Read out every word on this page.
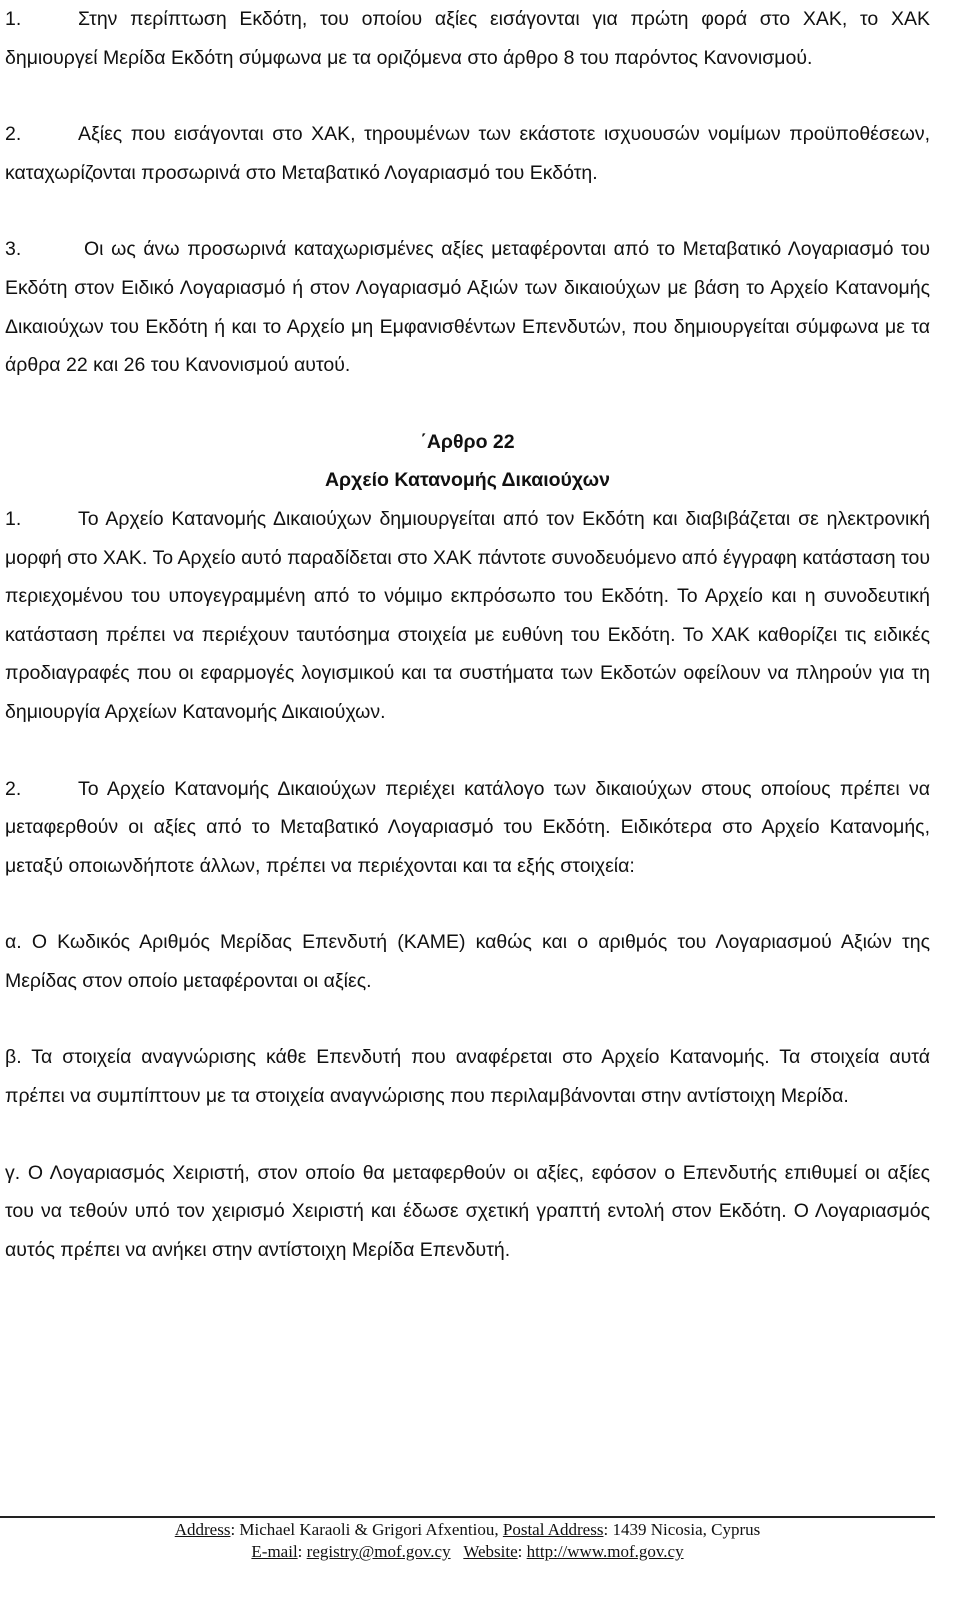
1.	Στην περίπτωση Εκδότη, του οποίου αξίες εισάγονται για πρώτη φορά στο ΧΑΚ, το ΧΑΚ δημιουργεί Μερίδα Εκδότη σύμφωνα με τα οριζόμενα στο άρθρο 8 του παρόντος Κανονισμού.

2.	Αξίες που εισάγονται στο ΧΑΚ, τηρουμένων των εκάστοτε ισχυουσών νομίμων προϋποθέσεων, καταχωρίζονται προσωρινά στο Μεταβατικό Λογαριασμό του Εκδότη.

3.	Οι ως άνω προσωρινά καταχωρισμένες αξίες μεταφέρονται από το Μεταβατικό Λογαριασμό του Εκδότη στον Ειδικό Λογαριασμό ή στον Λογαριασμό Αξιών των δικαιούχων με βάση το Αρχείο Κατανομής Δικαιούχων του Εκδότη ή και το Αρχείο μη Εμφανισθέντων Επενδυτών, που δημιουργείται σύμφωνα με τα άρθρα 22 και 26 του Κανονισμού αυτού.

΄Αρθρο 22

Αρχείο Κατανομής Δικαιούχων

1.	Το Αρχείο Κατανομής Δικαιούχων δημιουργείται από τον Εκδότη και διαβιβάζεται σε ηλεκτρονική μορφή στο ΧΑΚ. Το Αρχείο αυτό παραδίδεται στο ΧΑΚ πάντοτε συνοδευόμενο από έγγραφη κατάσταση του περιεχομένου του υπογεγραμμένη από το νόμιμο εκπρόσωπο του Εκδότη. Το Αρχείο και η συνοδευτική κατάσταση πρέπει να περιέχουν ταυτόσημα στοιχεία με ευθύνη του Εκδότη. Το ΧΑΚ καθορίζει τις ειδικές προδιαγραφές που οι εφαρμογές λογισμικού και τα συστήματα των Εκδοτών οφείλουν να πληρούν για τη δημιουργία Αρχείων Κατανομής Δικαιούχων.

2.	Το Αρχείο Κατανομής Δικαιούχων περιέχει κατάλογο των δικαιούχων στους οποίους πρέπει να μεταφερθούν οι αξίες από το Μεταβατικό Λογαριασμό του Εκδότη. Ειδικότερα στο Αρχείο Κατανομής, μεταξύ οποιωνδήποτε άλλων, πρέπει να περιέχονται και τα εξής στοιχεία:

α. Ο Κωδικός Αριθμός Μερίδας Επενδυτή (ΚΑΜΕ) καθώς και ο αριθμός του Λογαριασμού Αξιών της Μερίδας στον οποίο μεταφέρονται οι αξίες.

β. Τα στοιχεία αναγνώρισης κάθε Επενδυτή που αναφέρεται στο Αρχείο Κατανομής. Τα στοιχεία αυτά πρέπει να συμπίπτουν με τα στοιχεία αναγνώρισης που περιλαμβάνονται στην αντίστοιχη Μερίδα.

γ. Ο Λογαριασμός Χειριστή, στον οποίο θα μεταφερθούν οι αξίες, εφόσον ο Επενδυτής επιθυμεί οι αξίες του να τεθούν υπό τον χειρισμό Χειριστή και έδωσε σχετική γραπτή εντολή στον Εκδότη. Ο Λογαριασμός αυτός πρέπει να ανήκει στην αντίστοιχη Μερίδα Επενδυτή.

Address: Michael Karaoli & Grigori Afxentiou, Postal Address: 1439 Nicosia, Cyprus
E-mail: registry@mof.gov.cy Website: http://www.mof.gov.cy
